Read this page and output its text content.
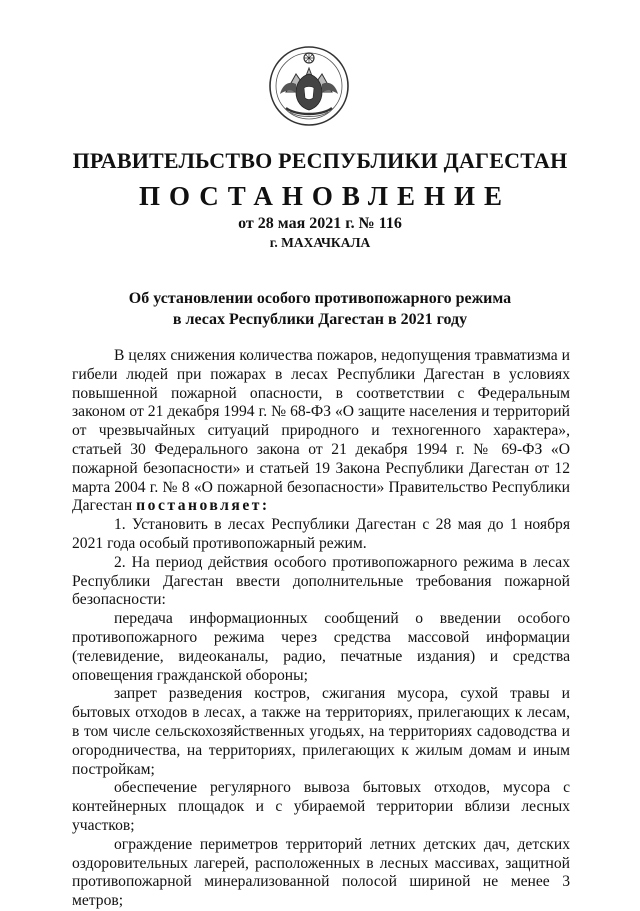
ПРАВИТЕЛЬСТВО РЕСПУБЛИКИ ДАГЕСТАН
ПОСТАНОВЛЕНИЕ
от 28 мая 2021 г. № 116
г. МАХАЧКАЛА
Об установлении особого противопожарного режима
в лесах Республики Дагестан в 2021 году

В целях снижения количества пожаров, недопущения травматизма и гибели людей при пожарах в лесах Республики Дагестан в условиях повышенной пожарной опасности, в соответствии с Федеральным законом от 21 декабря 1994 г. № 68-ФЗ «О защите населения и территорий от чрезвычайных ситуаций природного и техногенного характера», статьей 30 Федерального закона от 21 декабря 1994 г. № 69-ФЗ «О пожарной безопасности» и статьей 19 Закона Республики Дагестан от 12 марта 2004 г. № 8 «О пожарной безопасности» Правительство Республики Дагестан постановляет:

1. Установить в лесах Республики Дагестан с 28 мая до 1 ноября 2021 года особый противопожарный режим.

2. На период действия особого противопожарного режима в лесах Республики Дагестан ввести дополнительные требования пожарной безопасности:

передача информационных сообщений о введении особого противопожарного режима через средства массовой информации (телевидение, видеоканалы, радио, печатные издания) и средства оповещения гражданской обороны;

запрет разведения костров, сжигания мусора, сухой травы и бытовых отходов в лесах, а также на территориях, прилегающих к лесам, в том числе сельскохозяйственных угодьях, на территориях садоводства и огородничества, на территориях, прилегающих к жилым домам и иным постройкам;

обеспечение регулярного вывоза бытовых отходов, мусора с контейнерных площадок и с убираемой территории вблизи лесных участков;

ограждение периметров территорий летних детских дач, детских оздоровительных лагерей, расположенных в лесных массивах, защитной противопожарной минерализованной полосой шириной не менее 3 метров;
